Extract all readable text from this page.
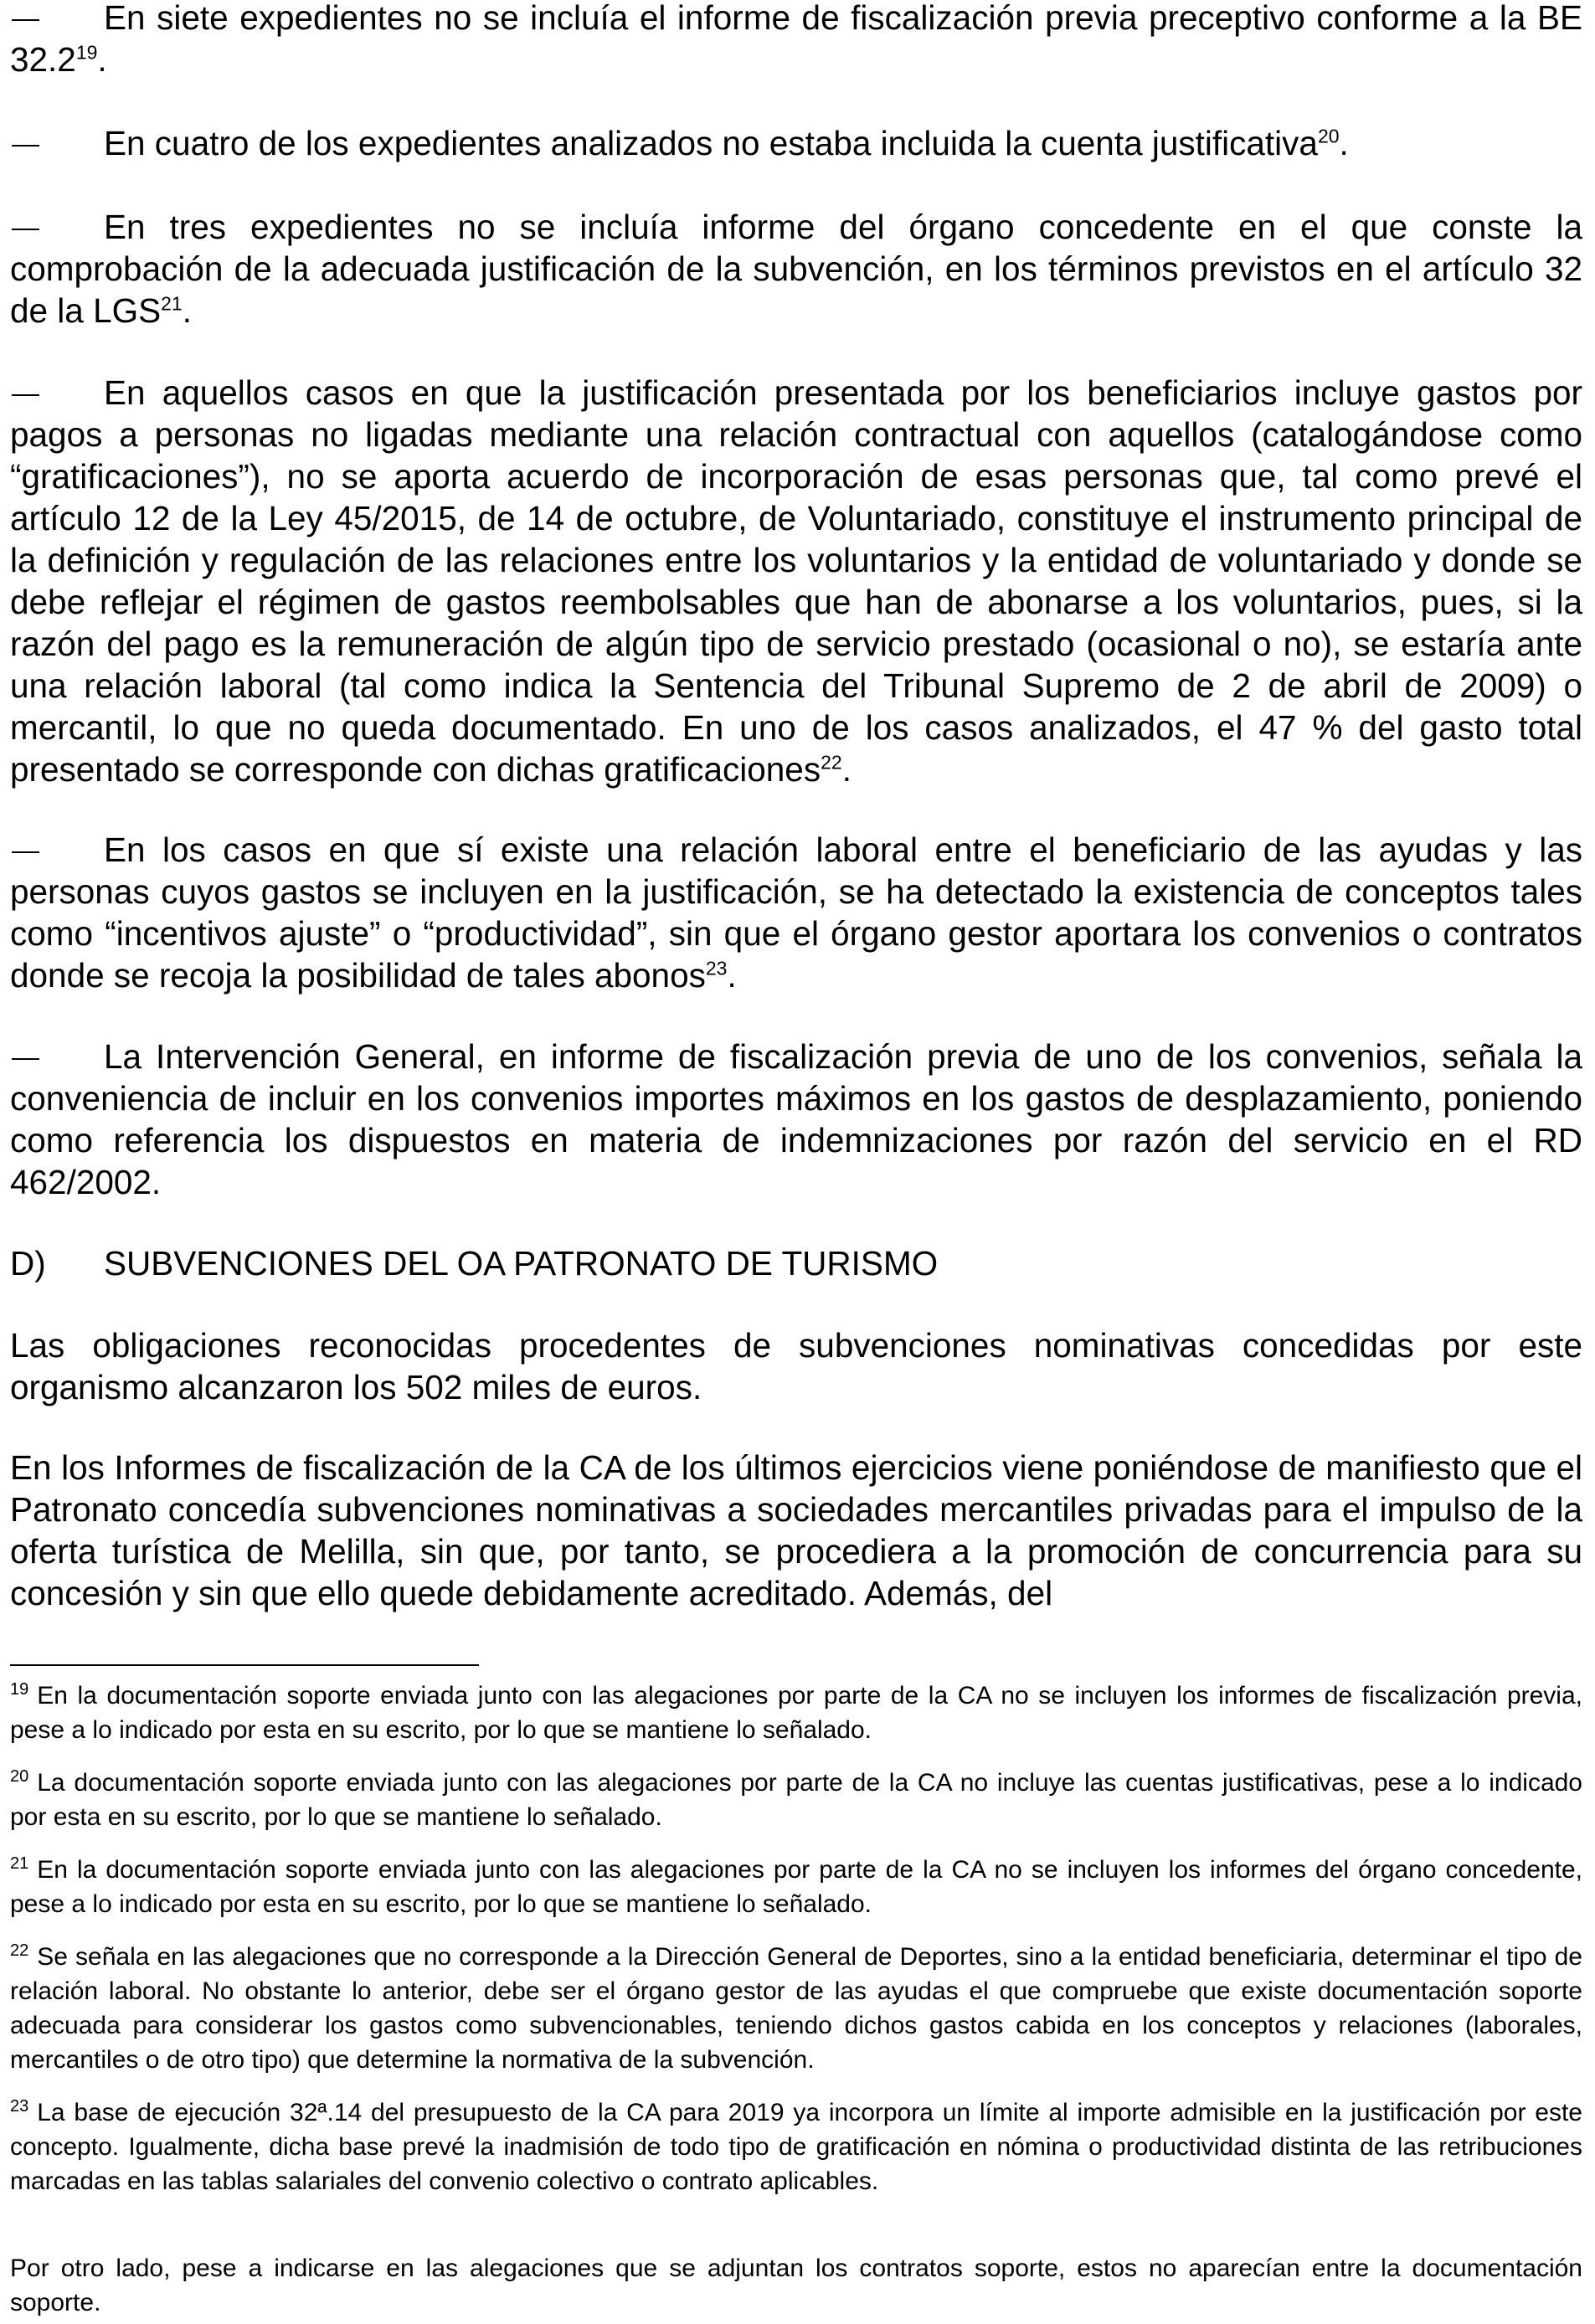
En siete expedientes no se incluía el informe de fiscalización previa preceptivo conforme a la BE 32.2$^{19}$.

En cuatro de los expedientes analizados no estaba incluida la cuenta justificativa$^{20}$.

En tres expedientes no se incluía informe del órgano concedente en el que conste la comprobación de la adecuada justificación de la subvención, en los términos previstos en el artículo 32 de la LGS$^{21}$.

En aquellos casos en que la justificación presentada por los beneficiarios incluye gastos por pagos a personas no ligadas mediante una relación contractual con aquellos (catalogándose como “gratificaciones”), no se aporta acuerdo de incorporación de esas personas que, tal como prevé el artículo 12 de la Ley 45/2015, de 14 de octubre, de Voluntariado, constituye el instrumento principal de la definición y regulación de las relaciones entre los voluntarios y la entidad de voluntariado y donde se debe reflejar el régimen de gastos reembolsables que han de abonarse a los voluntarios, pues, si la razón del pago es la remuneración de algún tipo de servicio prestado (ocasional o no), se estaría ante una relación laboral (tal como indica la Sentencia del Tribunal Supremo de 2 de abril de 2009) o mercantil, lo que no queda documentado. En uno de los casos analizados, el 47 % del gasto total presentado se corresponde con dichas gratificaciones$^{22}$.

En los casos en que sí existe una relación laboral entre el beneficiario de las ayudas y las personas cuyos gastos se incluyen en la justificación, se ha detectado la existencia de conceptos tales como “incentivos ajuste” o “productividad”, sin que el órgano gestor aportara los convenios o contratos donde se recoja la posibilidad de tales abonos$^{23}$.

La Intervención General, en informe de fiscalización previa de uno de los convenios, señala la conveniencia de incluir en los convenios importes máximos en los gastos de desplazamiento, poniendo como referencia los dispuestos en materia de indemnizaciones por razón del servicio en el RD 462/2002.

D) SUBVENCIONES DEL OA PATRONATO DE TURISMO

Las obligaciones reconocidas procedentes de subvenciones nominativas concedidas por este organismo alcanzaron los 502 miles de euros.

En los Informes de fiscalización de la CA de los últimos ejercicios viene poniéndose de manifiesto que el Patronato concedía subvenciones nominativas a sociedades mercantiles privadas para el impulso de la oferta turística de Melilla, sin que, por tanto, se procediera a la promoción de concurrencia para su concesión y sin que ello quede debidamente acreditado. Además, del

$^{19}$ En la documentación soporte enviada junto con las alegaciones por parte de la CA no se incluyen los informes de fiscalización previa, pese a lo indicado por esta en su escrito, por lo que se mantiene lo señalado.

$^{20}$ La documentación soporte enviada junto con las alegaciones por parte de la CA no incluye las cuentas justificativas, pese a lo indicado por esta en su escrito, por lo que se mantiene lo señalado.

$^{21}$ En la documentación soporte enviada junto con las alegaciones por parte de la CA no se incluyen los informes del órgano concedente, pese a lo indicado por esta en su escrito, por lo que se mantiene lo señalado.

$^{22}$ Se señala en las alegaciones que no corresponde a la Dirección General de Deportes, sino a la entidad beneficiaria, determinar el tipo de relación laboral. No obstante lo anterior, debe ser el órgano gestor de las ayudas el que compruebe que existe documentación soporte adecuada para considerar los gastos como subvencionables, teniendo dichos gastos cabida en los conceptos y relaciones (laborales, mercantiles o de otro tipo) que determine la normativa de la subvención.

$^{23}$ La base de ejecución 32ª.14 del presupuesto de la CA para 2019 ya incorpora un límite al importe admisible en la justificación por este concepto. Igualmente, dicha base prevé la inadmisión de todo tipo de gratificación en nómina o productividad distinta de las retribuciones marcadas en las tablas salariales del convenio colectivo o contrato aplicables.

Por otro lado, pese a indicarse en las alegaciones que se adjuntan los contratos soporte, estos no aparecían entre la documentación soporte.
